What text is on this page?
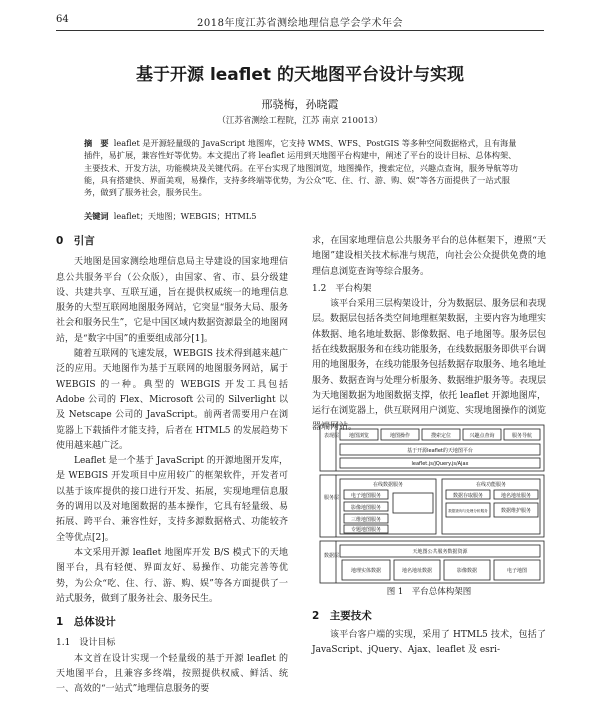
64	2018年度江苏省测绘地理信息学会学术年会
基于开源 leaflet 的天地图平台设计与实现
邢骁梅，孙晓霞
（江苏省测绘工程院，江苏 南京 210013）
摘　要 leaflet 是开源轻量级的 JavaScript 地图库，它支持 WMS、WFS、PostGIS 等多种空间数据格式，且有海量插件，易扩展，兼容性好等优势。本文提出了将 leaflet 运用到天地图平台构建中，阐述了平台的设计目标、总体构架、主要技术、开发方法，功能模块及关键代码。在平台实现了地图浏览，地图操作，搜索定位，兴趣点查询，服务导航等功能，具有搭建快、界面美观，易操作，支持多终端等优势，为公众“吃、住、行、游、购、娱”等各方面提供了一站式服务，做到了服务社会，服务民生。
关键词 leaflet；天地图；WEBGIS；HTML5
0　引言

天地图是国家测绘地理信息局主导建设的国家地理信息公共服务平台（公众版），由国家、省、市、县分级建设、共建共享、互联互通，旨在提供权威统一的地理信息服务的大型互联网地图服务网站，它突显“服务大局、服务社会和服务民生”，它是中国区域内数据资源最全的地图网站，是“数字中国”的重要组成部分[1]。

随着互联网的飞速发展，WEBGIS 技术得到越来越广泛的应用。天地图作为基于互联网的地图服务网站，属于 WEBGIS 的一种。典型的 WEBGIS 开发工具包括 Adobe 公司的 Flex、Microsoft 公司的 Silverlight 以及 Netscape 公司的 JavaScript。前两者需要用户在浏览器上下载插件才能支持，后者在 HTML5 的发展趋势下使用越来越广泛。

Leaflet 是一个基于 JavaScript 的开源地图开发库，是 WEBGIS 开发项目中应用较广的框架软件，开发者可以基于该库提供的接口进行开发、拓展，实现地理信息服务的调用以及对地图数据的基本操作，它具有轻量级、易拓展、跨平台、兼容性好，支持多源数据格式、功能较齐全等优点[2]。

本文采用开源 leaflet 地图库开发 B/S 模式下的天地图平台，具有轻便、界面友好、易操作、功能完善等优势，为公众“吃、住、行、游、购、娱”等各方面提供了一站式服务，做到了服务社会、服务民生。

1　总体设计
1.1　设计目标

本文首在设计实现一个轻量级的基于开源 leaflet 的天地图平台，且兼容多终端，按照提供权威、鲜活、统一、高效的“一站式”地理信息服务的要

求，在国家地理信息公共服务平台的总体框架下，遵照“天地图”建设相关技术标准与规范，向社会公众提供免费的地理信息浏览查询等综合服务。

1.2　平台构架

该平台采用三层构架设计，分为数据层、服务层和表现层。数据层包括各类空间地理框架数据，主要内容为地理实体数据、地名地址数据、影像数据、电子地图等。服务层包括在线数据服务和在线功能服务，在线数据服务即供平台调用的地图服务，在线功能服务包括数据存取服务、地名地址服务、数据查询与处理分析服务、数据维护服务等。表现层为天地图数据为地图数据支撑，依托 leaflet 开源地图库，运行在浏览器上，供互联网用户浏览、实现地图操作的浏览器端网站。

表现层
服务层
数据层
地图浏览	地图操作	搜索定位	兴趣点查询	服务导航
基于开源leaflet的天地图平台
leaflet.js/jQuery.js/Ajax
在线数据服务
电子地图服务
影像地图服务
三维地图服务
专题地图服务
在线功能服务
数据存取服务	地名地址服务
数据查询与处理分析服务	数据维护服务
天地图公共服务数据资源
地理实体数据	地名地址数据	影像数据	电子地图
图 1　平台总体构架图
2　主要技术

该平台客户端的实现，采用了 HTML5 技术，包括了 JavaScript、jQuery、Ajax、leaflet 及 esri-
